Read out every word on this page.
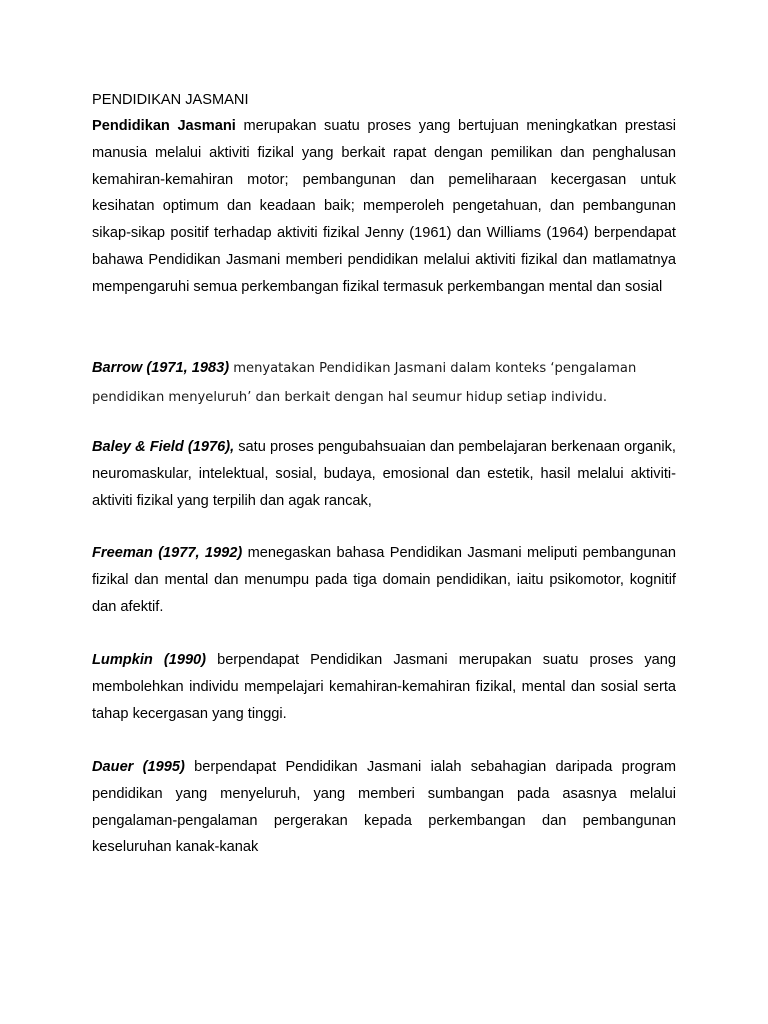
PENDIDIKAN JASMANI

Pendidikan Jasmani merupakan suatu proses yang bertujuan meningkatkan prestasi manusia melalui aktiviti fizikal yang berkait rapat dengan pemilikan dan penghalusan kemahiran-kemahiran motor; pembangunan dan pemeliharaan kecergasan untuk kesihatan optimum dan keadaan baik; memperoleh pengetahuan, dan pembangunan sikap-sikap positif terhadap aktiviti fizikal Jenny (1961) dan Williams (1964) berpendapat bahawa Pendidikan Jasmani memberi pendidikan melalui aktiviti fizikal dan matlamatnya mempengaruhi semua perkembangan fizikal termasuk perkembangan mental dan sosial

Barrow (1971, 1983) menyatakan Pendidikan Jasmani dalam konteks ‘pengalaman pendidikan menyeluruh’ dan berkait dengan hal seumur hidup setiap individu.

Baley & Field (1976), satu proses pengubahsuaian dan pembelajaran berkenaan organik, neuromaskular, intelektual, sosial, budaya, emosional dan estetik, hasil melalui aktiviti-aktiviti fizikal yang terpilih dan agak rancak,

Freeman (1977, 1992) menegaskan bahasa Pendidikan Jasmani meliputi pembangunan fizikal dan mental dan menumpu pada tiga domain pendidikan, iaitu psikomotor, kognitif dan afektif.

Lumpkin (1990) berpendapat Pendidikan Jasmani merupakan suatu proses yang membolehkan individu mempelajari kemahiran-kemahiran fizikal, mental dan sosial serta tahap kecergasan yang tinggi.

Dauer (1995) berpendapat Pendidikan Jasmani ialah sebahagian daripada program pendidikan yang menyeluruh, yang memberi sumbangan pada asasnya melalui pengalaman-pengalaman pergerakan kepada perkembangan dan pembangunan keseluruhan kanak-kanak
